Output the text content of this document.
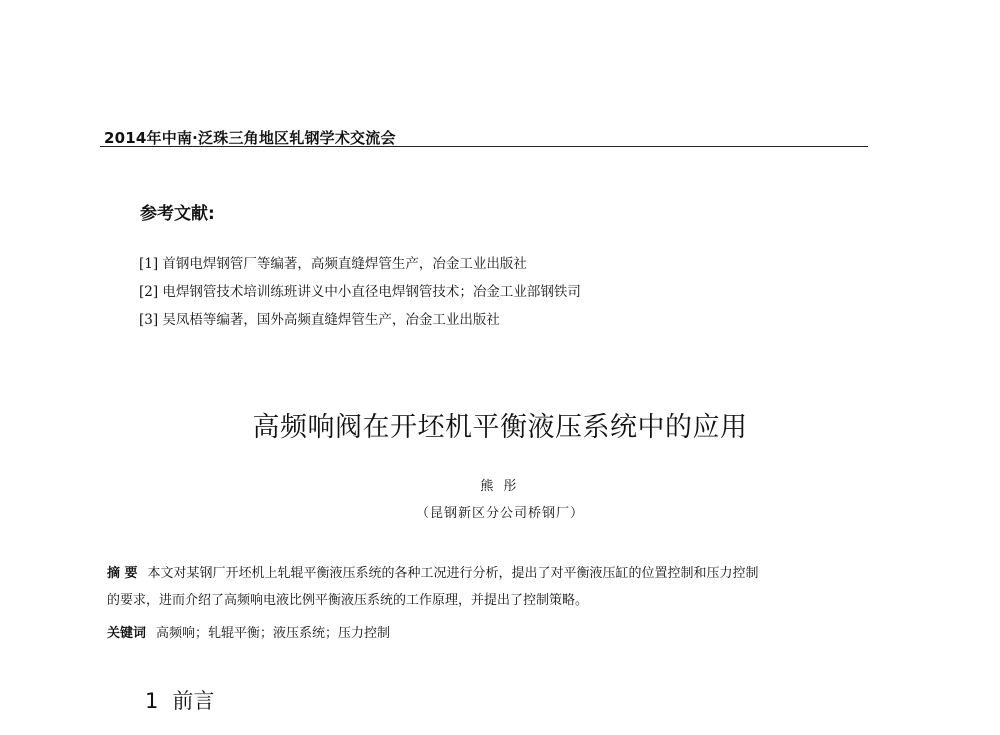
2014年中南·泛珠三角地区轧钢学术交流会
参考文献:
[1] 首钢电焊钢管厂等编著，高频直缝焊管生产，冶金工业出版社
[2] 电焊钢管技术培训练班讲义中小直径电焊钢管技术；冶金工业部钢铁司
[3] 吴凤梧等编著，国外高频直缝焊管生产，冶金工业出版社
高频响阀在开坯机平衡液压系统中的应用
熊 彤
（昆钢新区分公司桥钢厂）
摘 要 本文对某钢厂开坯机上轧辊平衡液压系统的各种工况进行分析，提出了对平衡液压缸的位置控制和压力控制
的要求，进而介绍了高频响电液比例平衡液压系统的工作原理，并提出了控制策略。
关键词 高频响；轧辊平衡；液压系统；压力控制
1 前言
